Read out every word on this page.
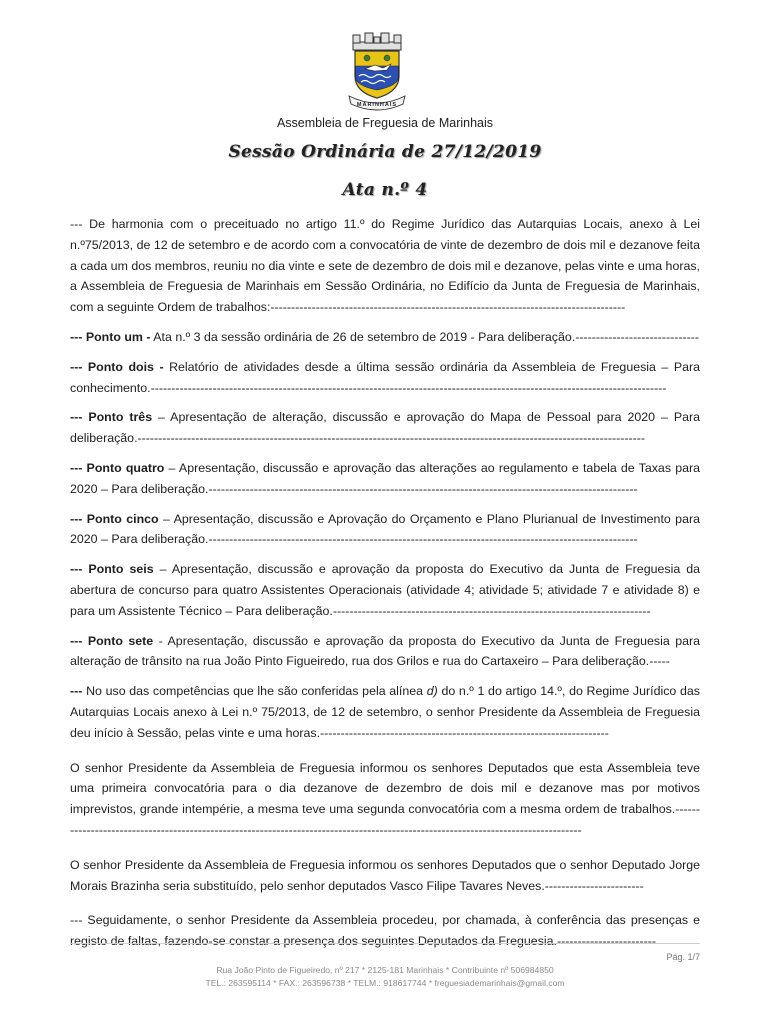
MARINHAIS
Assembleia de Freguesia de Marinhais
Sessão Ordinária de 27/12/2019
Ata n.º 4

--- De harmonia com o preceituado no artigo 11.º do Regime Jurídico das Autarquias Locais, anexo à Lei n.º75/2013, de 12 de setembro e de acordo com a convocatória de vinte de dezembro de dois mil e dezanove feita a cada um dos membros, reuniu no dia vinte e sete de dezembro de dois mil e dezanove, pelas vinte e uma horas, a Assembleia de Freguesia de Marinhais em Sessão Ordinária, no Edifício da Junta de Freguesia de Marinhais, com a seguinte Ordem de trabalhos:--------------------------------------------------------------------------------------

--- Ponto um - Ata n.º 3 da sessão ordinária de 26 de setembro de 2019 - Para deliberação.------------------------------

--- Ponto dois - Relatório de atividades desde a última sessão ordinária da Assembleia de Freguesia – Para conhecimento.-----------------------------------------------------------------------------------------------------------------------------

--- Ponto três – Apresentação de alteração, discussão e aprovação do Mapa de Pessoal para 2020 – Para deliberação.---------------------------------------------------------------------------------------------------------------------------

--- Ponto quatro – Apresentação, discussão e aprovação das alterações ao regulamento e tabela de Taxas para 2020 – Para deliberação.--------------------------------------------------------------------------------------------------------

--- Ponto cinco – Apresentação, discussão e Aprovação do Orçamento e Plano Plurianual de Investimento para 2020 – Para deliberação.--------------------------------------------------------------------------------------------------------

--- Ponto seis – Apresentação, discussão e aprovação da proposta do Executivo da Junta de Freguesia da abertura de concurso para quatro Assistentes Operacionais (atividade 4; atividade 5; atividade 7 e atividade 8) e para um Assistente Técnico – Para deliberação.-----------------------------------------------------------------------------

--- Ponto sete - Apresentação, discussão e aprovação da proposta do Executivo da Junta de Freguesia para alteração de trânsito na rua João Pinto Figueiredo, rua dos Grilos e rua do Cartaxeiro – Para deliberação.-----

--- No uso das competências que lhe são conferidas pela alínea d) do n.º 1 do artigo 14.º, do Regime Jurídico das Autarquias Locais anexo à Lei n.º 75/2013, de 12 de setembro, o senhor Presidente da Assembleia de Freguesia deu início à Sessão, pelas vinte e uma horas.----------------------------------------------------------------------

O senhor Presidente da Assembleia de Freguesia informou os senhores Deputados que esta Assembleia teve uma primeira convocatória para o dia dezanove de dezembro de dois mil e dezanove mas por motivos imprevistos, grande intempérie, a mesma teve uma segunda convocatória com a mesma ordem de trabalhos.----------------------------------------------------------------------------------------------------------------------------------

O senhor Presidente da Assembleia de Freguesia informou os senhores Deputados que o senhor Deputado Jorge Morais Brazinha seria substituído, pelo senhor deputados Vasco Filipe Tavares Neves.------------------------

--- Seguidamente, o senhor Presidente da Assembleia procedeu, por chamada, à conferência das presenças e registo de faltas, fazendo-se constar a presença dos seguintes Deputados da Freguesia.------------------------

Pág. 1/7
Rua João Pinto de Figueiredo, nº 217 * 2125-181 Marinhais * Contribuinte nº 506984850
TEL.: 263595114 * FAX.: 263596738 * TELM.: 918617744 * freguesiademarinhais@gmail.com
